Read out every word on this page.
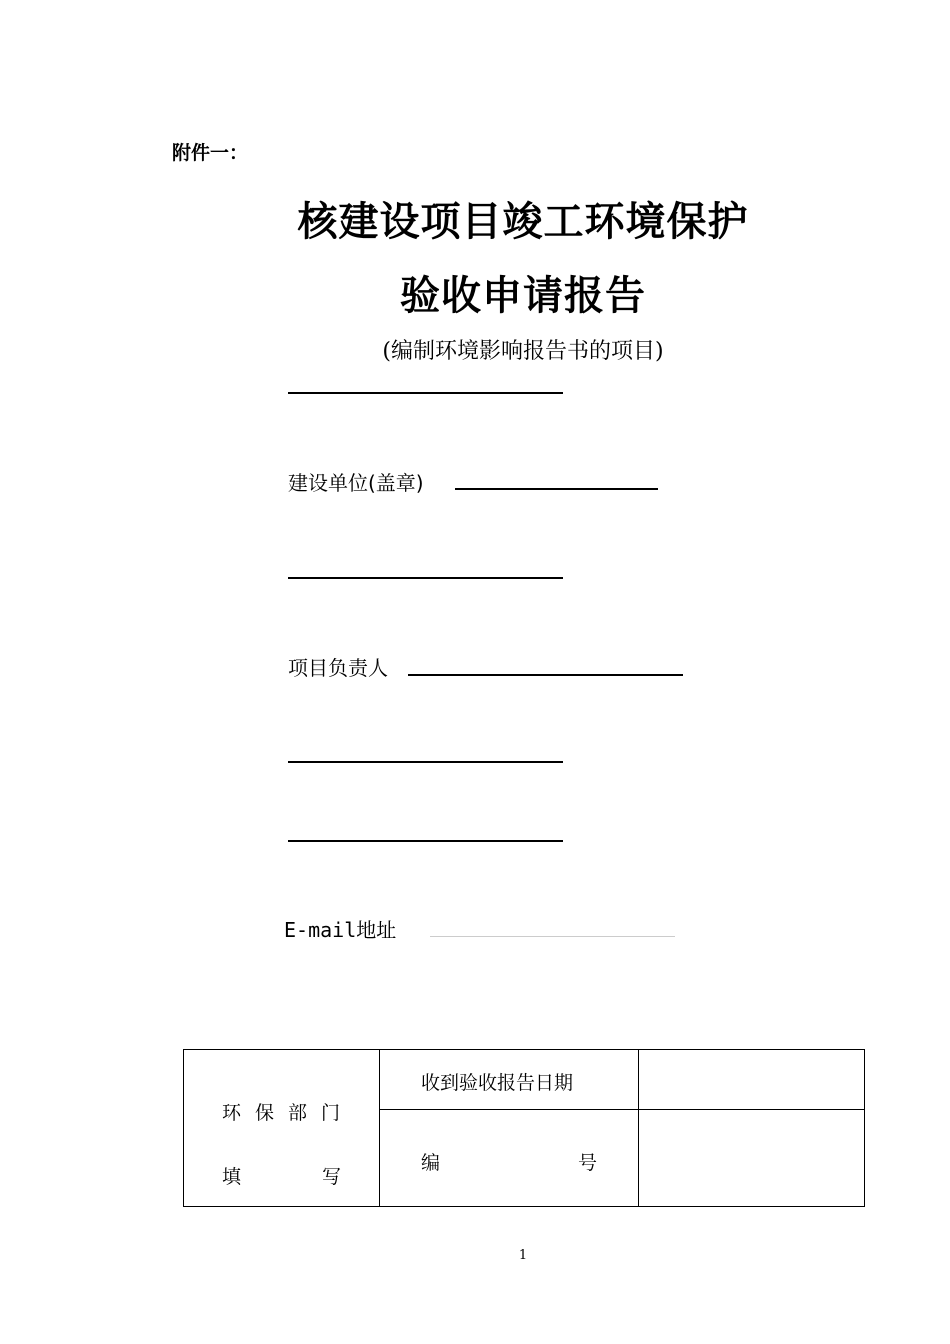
附件一：
核建设项目竣工环境保护
验收申请报告
(编制环境影响报告书的项目)
建设单位(盖章)
项目负责人
E-mail地址
环保部门
填 写	收到验收报告日期	

	编 号	

1
